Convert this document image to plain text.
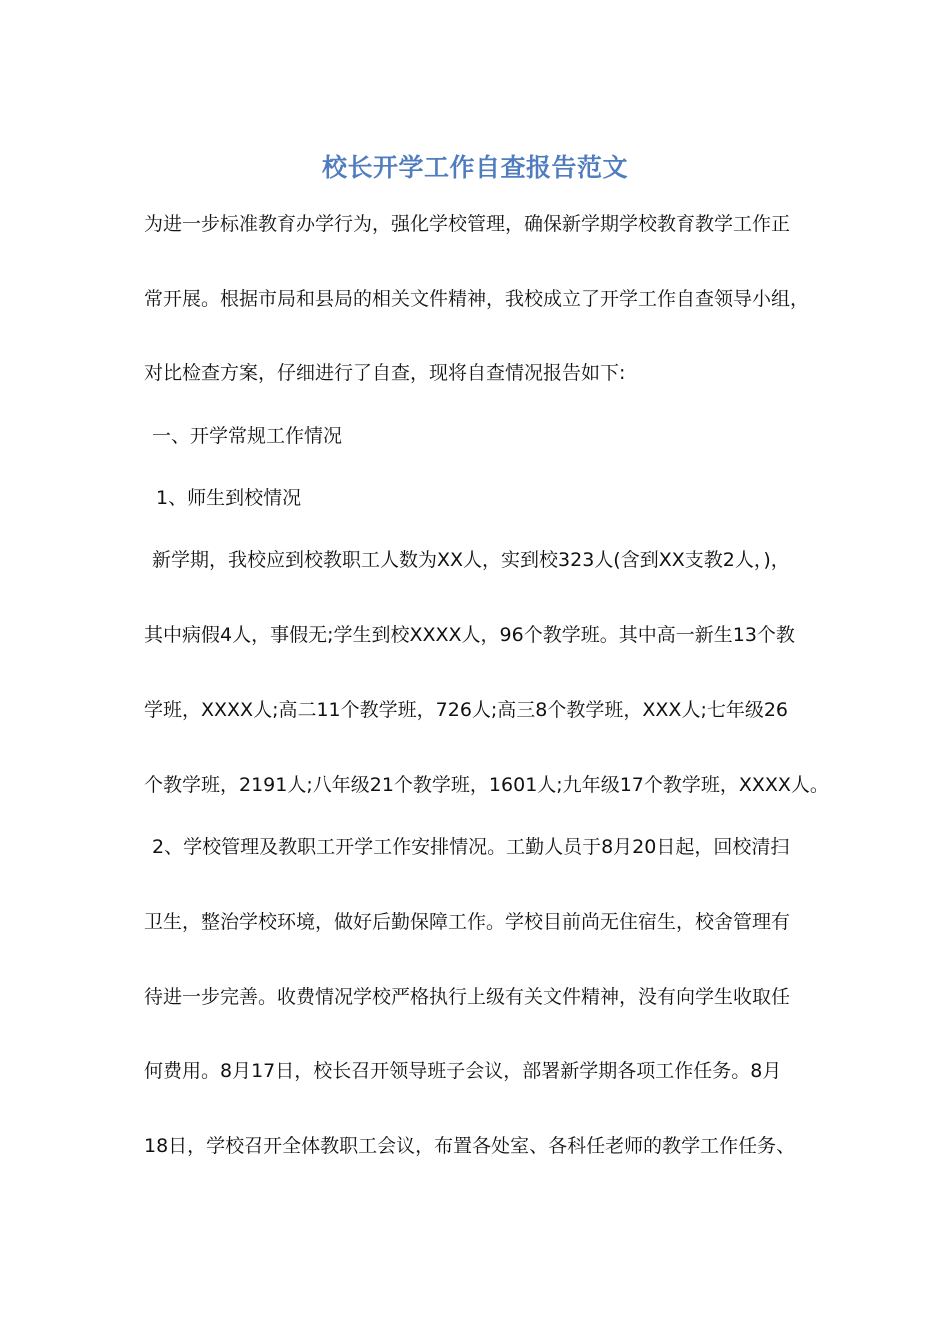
校长开学工作自查报告范文
为进一步标准教育办学行为，强化学校管理，确保新学期学校教育教学工作正
常开展。根据市局和县局的相关文件精神，我校成立了开学工作自查领导小组，
对比检查方案，仔细进行了自查，现将自查情况报告如下:
一、开学常规工作情况
1、师生到校情况
新学期，我校应到校教职工人数为XX人，实到校323人(含到XX支教2人，)，
其中病假4人，事假无;学生到校XXXX人，96个教学班。其中高一新生13个教
学班，XXXX人;高二11个教学班，726人;高三8个教学班，XXX人;七年级26
个教学班，2191人;八年级21个教学班，1601人;九年级17个教学班，XXXX人。
2、学校管理及教职工开学工作安排情况。工勤人员于8月20日起，回校清扫
卫生，整治学校环境，做好后勤保障工作。学校目前尚无住宿生，校舍管理有
待进一步完善。收费情况学校严格执行上级有关文件精神，没有向学生收取任
何费用。8月17日，校长召开领导班子会议，部署新学期各项工作任务。8月
18日，学校召开全体教职工会议，布置各处室、各科任老师的教学工作任务、
